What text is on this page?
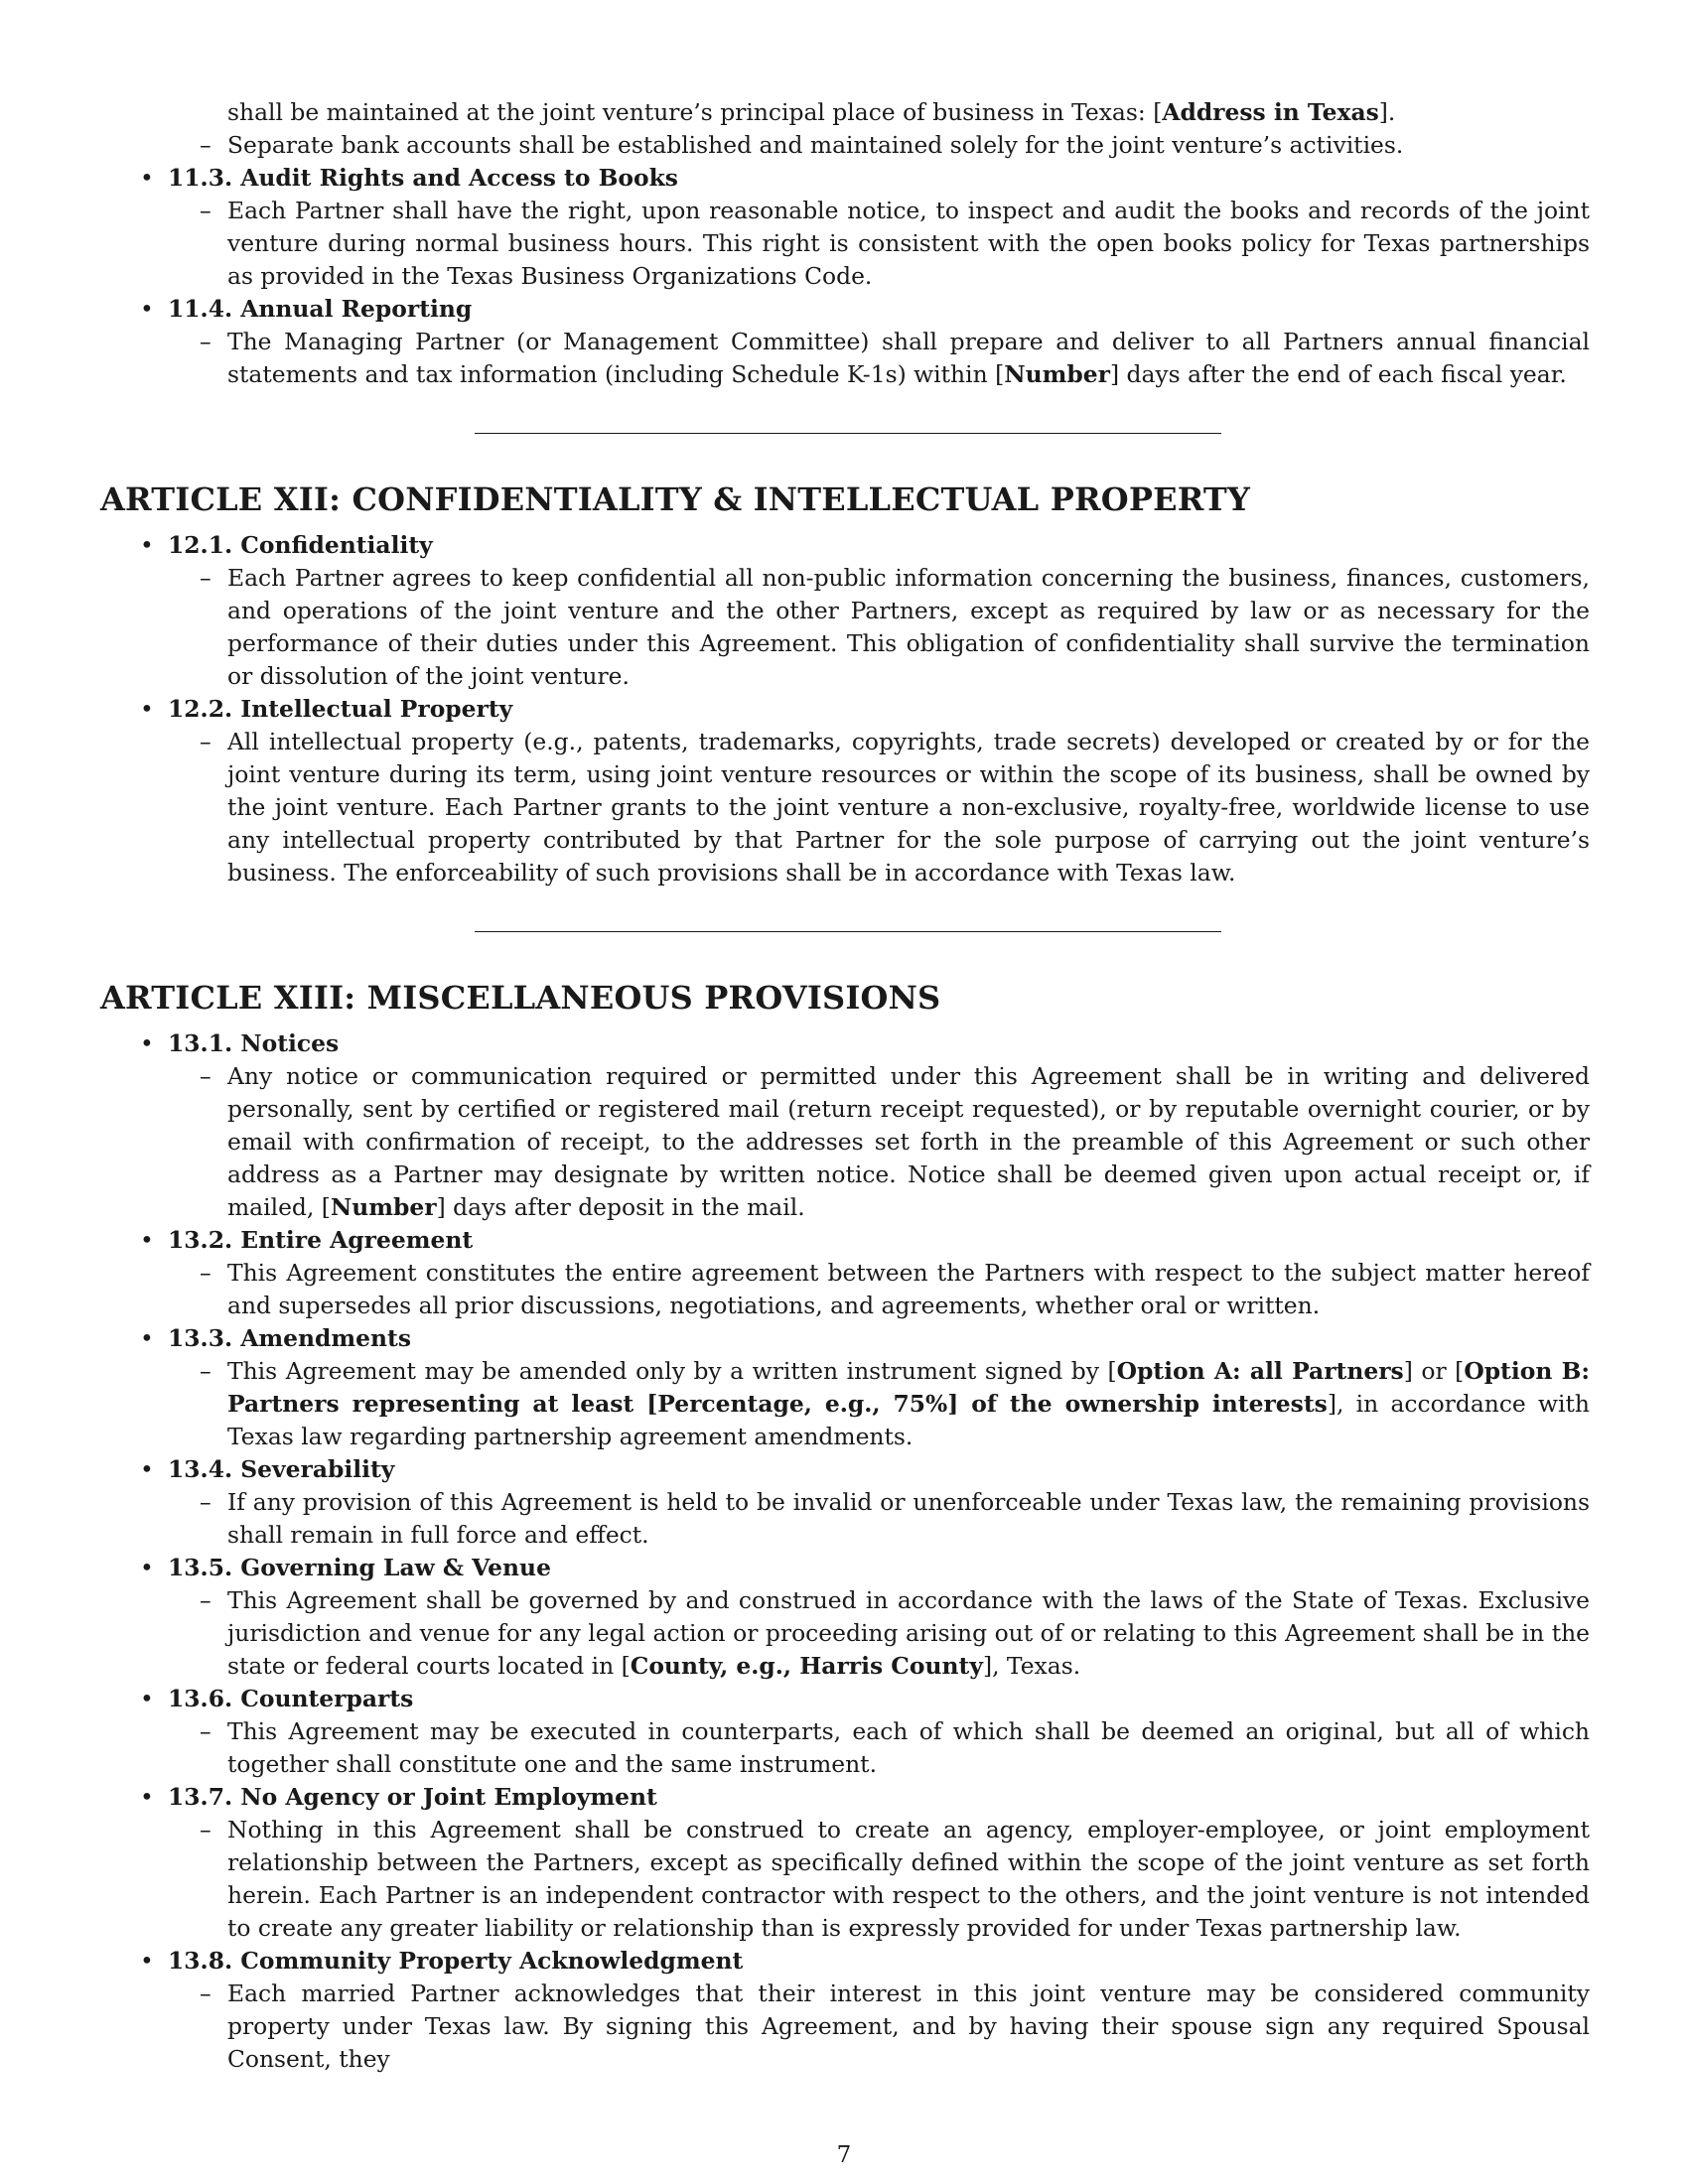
shall be maintained at the joint venture’s principal place of business in Texas: [Address in Texas].
– Separate bank accounts shall be established and maintained solely for the joint venture’s activities.
• 11.3. Audit Rights and Access to Books
– Each Partner shall have the right, upon reasonable notice, to inspect and audit the books and records of the joint venture during normal business hours. This right is consistent with the open books policy for Texas partnerships as provided in the Texas Business Organizations Code.
• 11.4. Annual Reporting
– The Managing Partner (or Management Committee) shall prepare and deliver to all Partners annual financial statements and tax information (including Schedule K-1s) within [Number] days after the end of each fiscal year.
ARTICLE XII: CONFIDENTIALITY & INTELLECTUAL PROPERTY
• 12.1. Confidentiality
– Each Partner agrees to keep confidential all non-public information concerning the business, finances, customers, and operations of the joint venture and the other Partners, except as required by law or as necessary for the performance of their duties under this Agreement. This obligation of confidentiality shall survive the termination or dissolution of the joint venture.
• 12.2. Intellectual Property
– All intellectual property (e.g., patents, trademarks, copyrights, trade secrets) developed or created by or for the joint venture during its term, using joint venture resources or within the scope of its business, shall be owned by the joint venture. Each Partner grants to the joint venture a non-exclusive, royalty-free, worldwide license to use any intellectual property contributed by that Partner for the sole purpose of carrying out the joint venture’s business. The enforceability of such provisions shall be in accordance with Texas law.
ARTICLE XIII: MISCELLANEOUS PROVISIONS
• 13.1. Notices
– Any notice or communication required or permitted under this Agreement shall be in writing and delivered personally, sent by certified or registered mail (return receipt requested), or by reputable overnight courier, or by email with confirmation of receipt, to the addresses set forth in the preamble of this Agreement or such other address as a Partner may designate by written notice. Notice shall be deemed given upon actual receipt or, if mailed, [Number] days after deposit in the mail.
• 13.2. Entire Agreement
– This Agreement constitutes the entire agreement between the Partners with respect to the subject matter hereof and supersedes all prior discussions, negotiations, and agreements, whether oral or written.
• 13.3. Amendments
– This Agreement may be amended only by a written instrument signed by [Option A: all Partners] or [Option B: Partners representing at least [Percentage, e.g., 75%] of the ownership interests], in accordance with Texas law regarding partnership agreement amendments.
• 13.4. Severability
– If any provision of this Agreement is held to be invalid or unenforceable under Texas law, the remaining provisions shall remain in full force and effect.
• 13.5. Governing Law & Venue
– This Agreement shall be governed by and construed in accordance with the laws of the State of Texas. Exclusive jurisdiction and venue for any legal action or proceeding arising out of or relating to this Agreement shall be in the state or federal courts located in [County, e.g., Harris County], Texas.
• 13.6. Counterparts
– This Agreement may be executed in counterparts, each of which shall be deemed an original, but all of which together shall constitute one and the same instrument.
• 13.7. No Agency or Joint Employment
– Nothing in this Agreement shall be construed to create an agency, employer-employee, or joint employment relationship between the Partners, except as specifically defined within the scope of the joint venture as set forth herein. Each Partner is an independent contractor with respect to the others, and the joint venture is not intended to create any greater liability or relationship than is expressly provided for under Texas partnership law.
• 13.8. Community Property Acknowledgment
– Each married Partner acknowledges that their interest in this joint venture may be considered community property under Texas law. By signing this Agreement, and by having their spouse sign any required Spousal Consent, they
7
